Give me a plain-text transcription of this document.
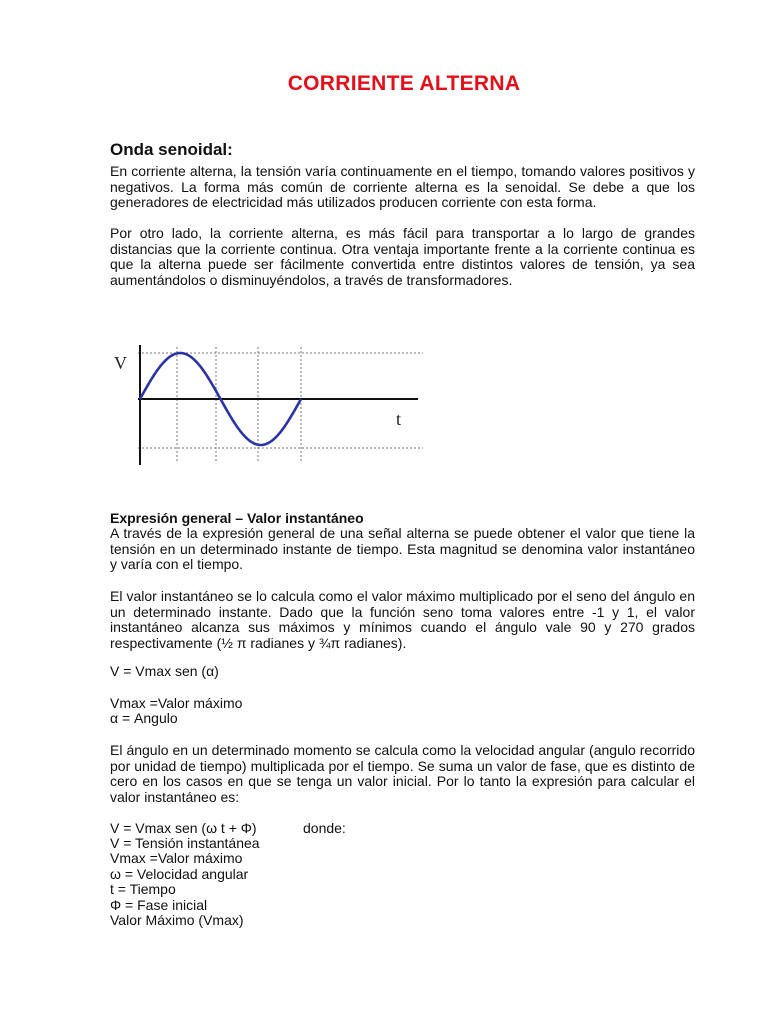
CORRIENTE ALTERNA
Onda senoidal:
En corriente alterna, la tensión varía continuamente en el tiempo, tomando valores positivos y negativos. La forma más común de corriente alterna es la senoidal. Se debe a que los generadores de electricidad más utilizados producen corriente con esta forma.
Por otro lado, la corriente alterna, es más fácil para transportar a lo largo de grandes distancias que la corriente continua. Otra ventaja importante frente a la corriente continua es que la alterna puede ser fácilmente convertida entre distintos valores de tensión, ya sea aumentándolos o disminuyéndolos, a través de transformadores.
V
t
Expresión general – Valor instantáneo
A través de la expresión general de una señal alterna se puede obtener el valor que tiene la tensión en un determinado instante de tiempo. Esta magnitud se denomina valor instantáneo y varía con el tiempo.
El valor instantáneo se lo calcula como el valor máximo multiplicado por el seno del ángulo en un determinado instante. Dado que la función seno toma valores entre -1 y 1, el valor instantáneo alcanza sus máximos y mínimos cuando el ángulo vale 90 y 270 grados respectivamente (½ π radianes y ¾π radianes).
V = Vmax sen (α)
Vmax =Valor máximo
α = Angulo
El ángulo en un determinado momento se calcula como la velocidad angular (angulo recorrido por unidad de tiempo) multiplicada por el tiempo. Se suma un valor de fase, que es distinto de cero en los casos en que se tenga un valor inicial. Por lo tanto la expresión para calcular el valor instantáneo es:
V = Vmax sen (ω t + Φ)	donde:
V = Tensión instantánea
Vmax =Valor máximo
ω = Velocidad angular
t = Tiempo
Φ = Fase inicial
Valor Máximo (Vmax)
